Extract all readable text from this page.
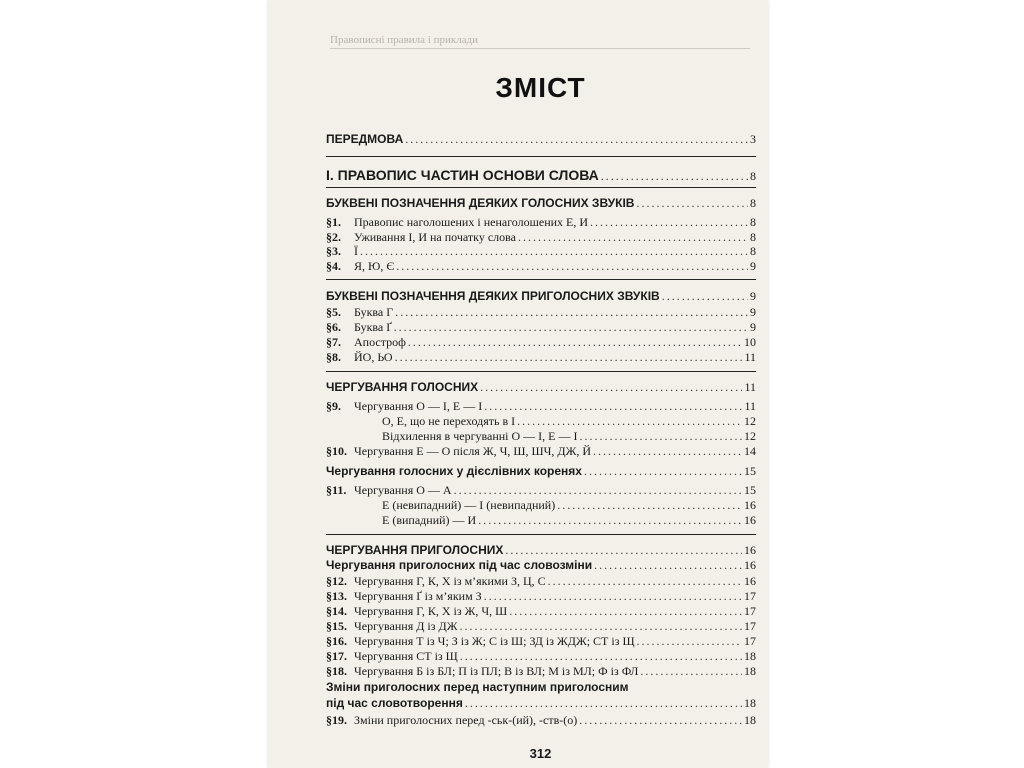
Правописні правила і приклади
ЗМІСТ
ПЕРЕДМОВА .....	3
І. ПРАВОПИС ЧАСТИН ОСНОВИ СЛОВА .....	8
БУКВЕНІ ПОЗНАЧЕННЯ ДЕЯКИХ ГОЛОСНИХ ЗВУКІВ .....	8
§1.	Правопис наголошених і ненаголошених Е, И .....	8
§2.	Уживання І, И на початку слова .....	8
§3.	Ї .....	8
§4.	Я, Ю, Є .....	9
БУКВЕНІ ПОЗНАЧЕННЯ ДЕЯКИХ ПРИГОЛОСНИХ ЗВУКІВ .....	9
§5.	Буква Г .....	9
§6.	Буква Ґ .....	9
§7.	Апостроф .....	10
§8.	ЙО, ЬО .....	11
ЧЕРГУВАННЯ ГОЛОСНИХ .....	11
§9.	Чергування О — І, Е — І .....	11
О, Е, що не переходять в І .....	12
Відхилення в чергуванні О — І, Е — І .....	12
§10. Чергування Е — О після Ж, Ч, Ш, ШЧ, ДЖ, Й .....	14
Чергування голосних у дієслівних коренях .....	15
§11. Чергування О — А .....	15
Е (невипадний) — І (невипадний) .....	16
Е (випадний) — И .....	16
ЧЕРГУВАННЯ ПРИГОЛОСНИХ .....	16
Чергування приголосних під час словозміни .....	16
§12. Чергування Г, К, Х із м’якими З, Ц, С .....	16
§13. Чергування Ґ із м’яким З .....	17
§14. Чергування Г, К, Х із Ж, Ч, Ш .....	17
§15. Чергування Д із ДЖ .....	17
§16. Чергування Т із Ч; З із Ж; С із Ш; ЗД із ЖДЖ; СТ із Щ .....	17
§17. Чергування СТ із Щ .....	18
§18. Чергування Б із БЛ; П із ПЛ; В із ВЛ; М із МЛ; Ф із ФЛ .....	18
Зміни приголосних перед наступним приголосним
під час словотворення .....	18
§19. Зміни приголосних перед -ськ-(ий), -ств-(о) .....	18
312
